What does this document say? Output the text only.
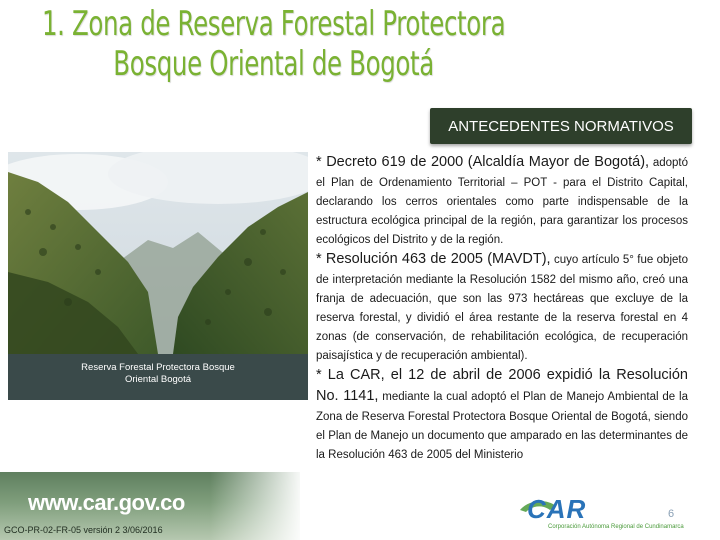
1. Zona de Reserva Forestal Protectora
Bosque Oriental de Bogotá
ANTECEDENTES NORMATIVOS
Reserva Forestal Protectora Bosque Oriental Bogotá
www.car.gov.co
GCO-PR-02-FR-05 versión 2 3/06/2016

* Decreto 619 de 2000 (Alcaldía Mayor de Bogotá), adoptó el Plan de Ordenamiento Territorial – POT - para el Distrito Capital, declarando los cerros orientales como parte indispensable de la estructura ecológica principal de la región, para garantizar los procesos ecológicos del Distrito y de la región.

* Resolución 463 de 2005 (MAVDT), cuyo artículo 5° fue objeto de interpretación mediante la Resolución 1582 del mismo año, creó una franja de adecuación, que son las 973 hectáreas que excluye de la reserva forestal, y dividió el área restante de la reserva forestal en 4 zonas (de conservación, de rehabilitación ecológica, de recuperación paisajística y de recuperación ambiental).

* La CAR, el 12 de abril de 2006 expidió la Resolución No. 1141, mediante la cual adoptó el Plan de Manejo Ambiental de la Zona de Reserva Forestal Protectora Bosque Oriental de Bogotá, siendo el Plan de Manejo un documento que amparado en las determinantes de la Resolución 463 de 2005 del Ministerio

CAR
Corporación Autónoma Regional de Cundinamarca
6
